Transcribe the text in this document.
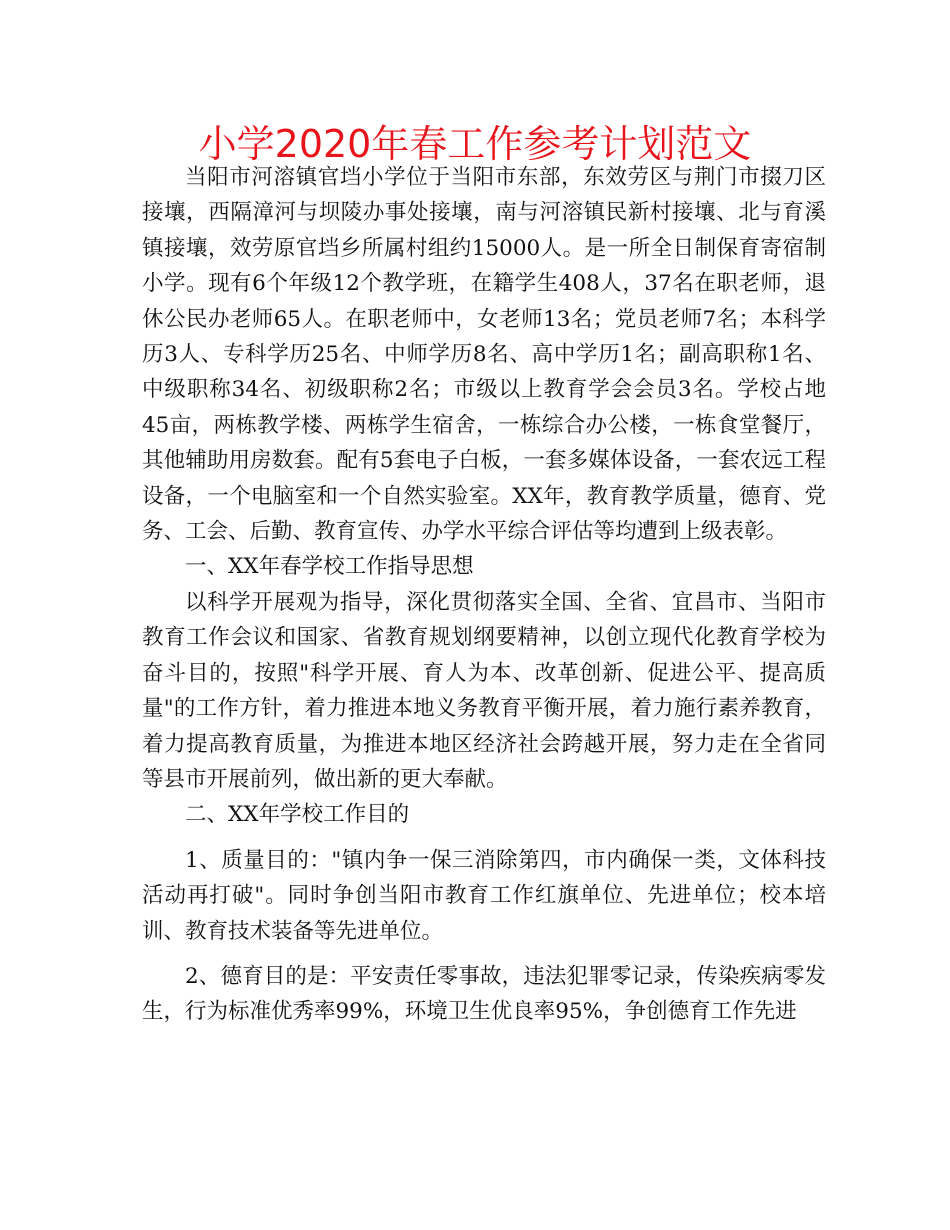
小学2020年春工作参考计划范文

当阳市河溶镇官垱小学位于当阳市东部，东效劳区与荆门市掇刀区接壤，西隔漳河与坝陵办事处接壤，南与河溶镇民新村接壤、北与育溪镇接壤，效劳原官垱乡所属村组约15000人。是一所全日制保育寄宿制小学。现有6个年级12个教学班，在籍学生408人，37名在职老师，退休公民办老师65人。在职老师中，女老师13名；党员老师7名；本科学历3人、专科学历25名、中师学历8名、高中学历1名；副高职称1名、中级职称34名、初级职称2名；市级以上教育学会会员3名。学校占地45亩，两栋教学楼、两栋学生宿舍，一栋综合办公楼，一栋食堂餐厅，其他辅助用房数套。配有5套电子白板，一套多媒体设备，一套农远工程设备，一个电脑室和一个自然实验室。XX年，教育教学质量，德育、党务、工会、后勤、教育宣传、办学水平综合评估等均遭到上级表彰。

一、XX年春学校工作指导思想

以科学开展观为指导，深化贯彻落实全国、全省、宜昌市、当阳市教育工作会议和国家、省教育规划纲要精神，以创立现代化教育学校为奋斗目的，按照"科学开展、育人为本、改革创新、促进公平、提高质量"的工作方针，着力推进本地义务教育平衡开展，着力施行素养教育，着力提高教育质量，为推进本地区经济社会跨越开展，努力走在全省同等县市开展前列，做出新的更大奉献。

二、XX年学校工作目的

1、质量目的："镇内争一保三消除第四，市内确保一类，文体科技活动再打破"。同时争创当阳市教育工作红旗单位、先进单位；校本培训、教育技术装备等先进单位。

2、德育目的是：平安责任零事故，违法犯罪零记录，传染疾病零发生，行为标准优秀率99%，环境卫生优良率95%，争创德育工作先进
